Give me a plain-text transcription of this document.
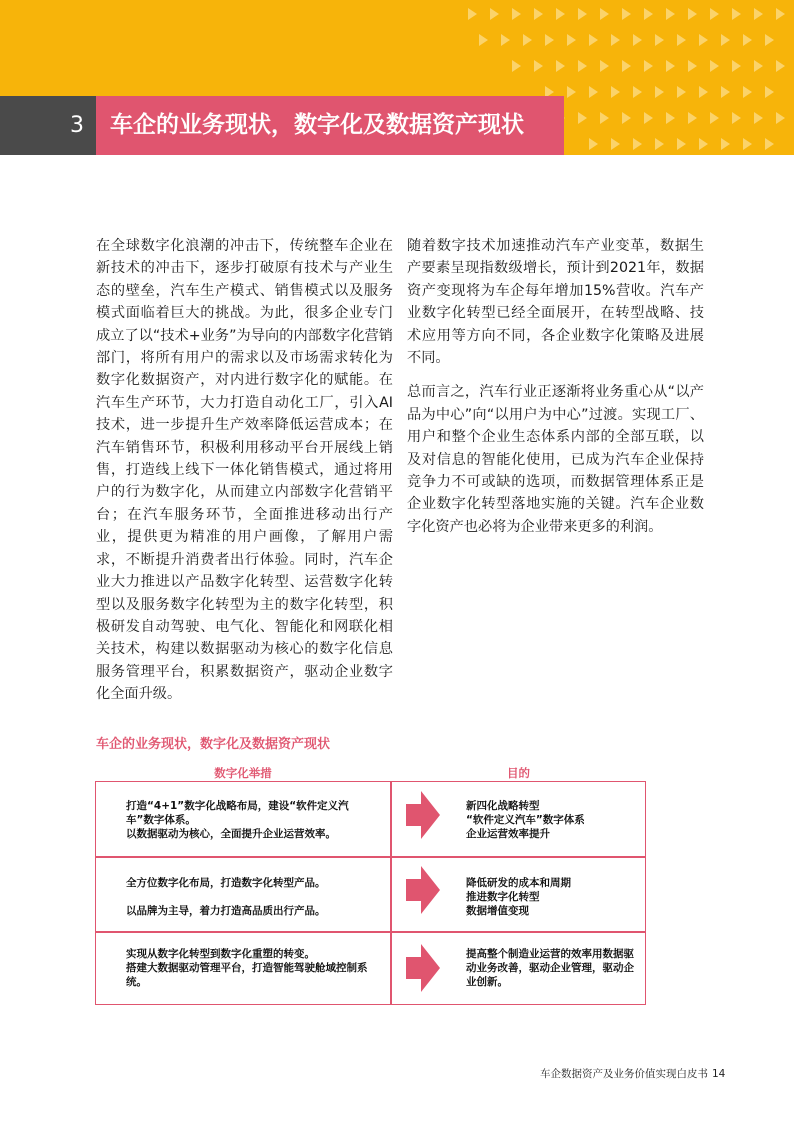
3	车企的业务现状，数字化及数据资产现状

在全球数字化浪潮的冲击下，传统整车企业在新技术的冲击下，逐步打破原有技术与产业生态的壁垒，汽车生产模式、销售模式以及服务模式面临着巨大的挑战。为此，很多企业专门成立了以“技术+业务”为导向的内部数字化营销部门，将所有用户的需求以及市场需求转化为数字化数据资产，对内进行数字化的赋能。在汽车生产环节，大力打造自动化工厂，引入AI技术，进一步提升生产效率降低运营成本；在汽车销售环节，积极利用移动平台开展线上销售，打造线上线下一体化销售模式，通过将用户的行为数字化，从而建立内部数字化营销平台；在汽车服务环节，全面推进移动出行产业，提供更为精准的用户画像，了解用户需求，不断提升消费者出行体验。同时，汽车企业大力推进以产品数字化转型、运营数字化转型以及服务数字化转型为主的数字化转型，积极研发自动驾驶、电气化、智能化和网联化相关技术，构建以数据驱动为核心的数字化信息服务管理平台，积累数据资产，驱动企业数字化全面升级。

随着数字技术加速推动汽车产业变革，数据生产要素呈现指数级增长，预计到2021年，数据资产变现将为车企每年增加15%营收。汽车产业数字化转型已经全面展开，在转型战略、技术应用等方向不同，各企业数字化策略及进展不同。

总而言之，汽车行业正逐渐将业务重心从“以产品为中心”向“以用户为中心”过渡。实现工厂、用户和整个企业生态体系内部的全部互联，以及对信息的智能化使用，已成为汽车企业保持竞争力不可或缺的选项，而数据管理体系正是企业数字化转型落地实施的关键。汽车企业数字化资产也必将为企业带来更多的利润。

车企的业务现状，数字化及数据资产现状
数字化举措	目的
打造“4+1”数字化战略布局，建设“软件定义汽车”数字体系。
以数据驱动为核心，全面提升企业运营效率。
新四化战略转型
“软件定义汽车”数字体系
企业运营效率提升
全方位数字化布局，打造数字化转型产品。
以品牌为主导，着力打造高品质出行产品。
降低研发的成本和周期
推进数字化转型
数据增值变现
实现从数字化转型到数字化重塑的转变。
搭建大数据驱动管理平台，打造智能驾驶舱域控制系统。
提高整个制造业运营的效率用数据驱动业务改善，驱动企业管理，驱动企业创新。
车企数据资产及业务价值实现白皮书 14
